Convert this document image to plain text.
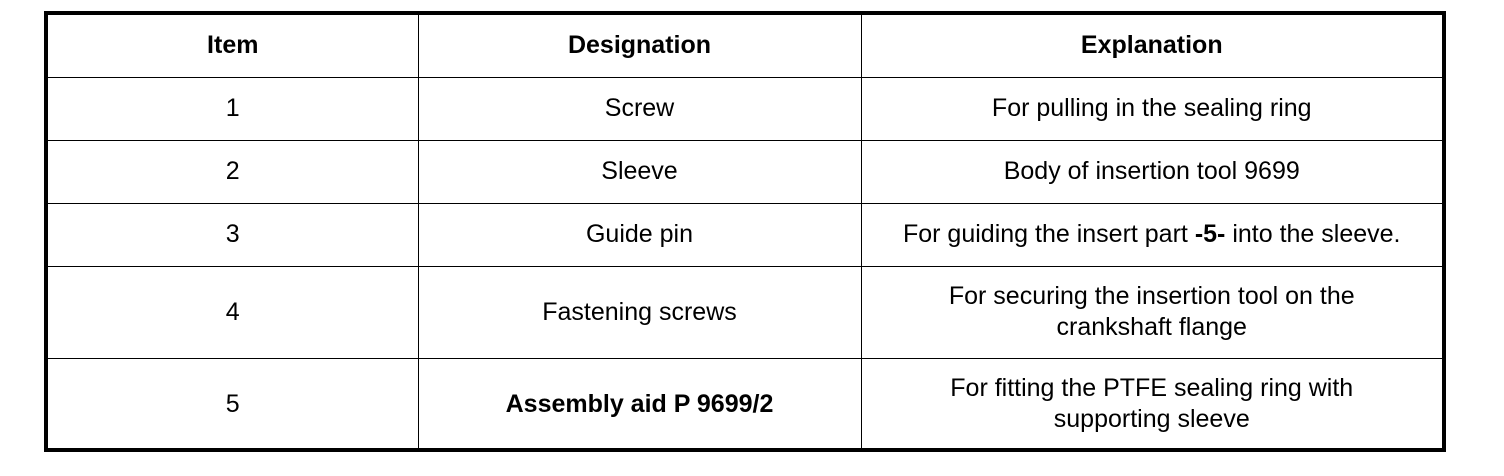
Item	Designation	Explanation
1	Screw	For pulling in the sealing ring
2	Sleeve	Body of insertion tool 9699
3	Guide pin	For guiding the insert part -5- into the sleeve.
4	Fastening screws	For securing the insertion tool on the
crankshaft flange
5	Assembly aid P 9699/2	For fitting the PTFE sealing ring with
supporting sleeve
